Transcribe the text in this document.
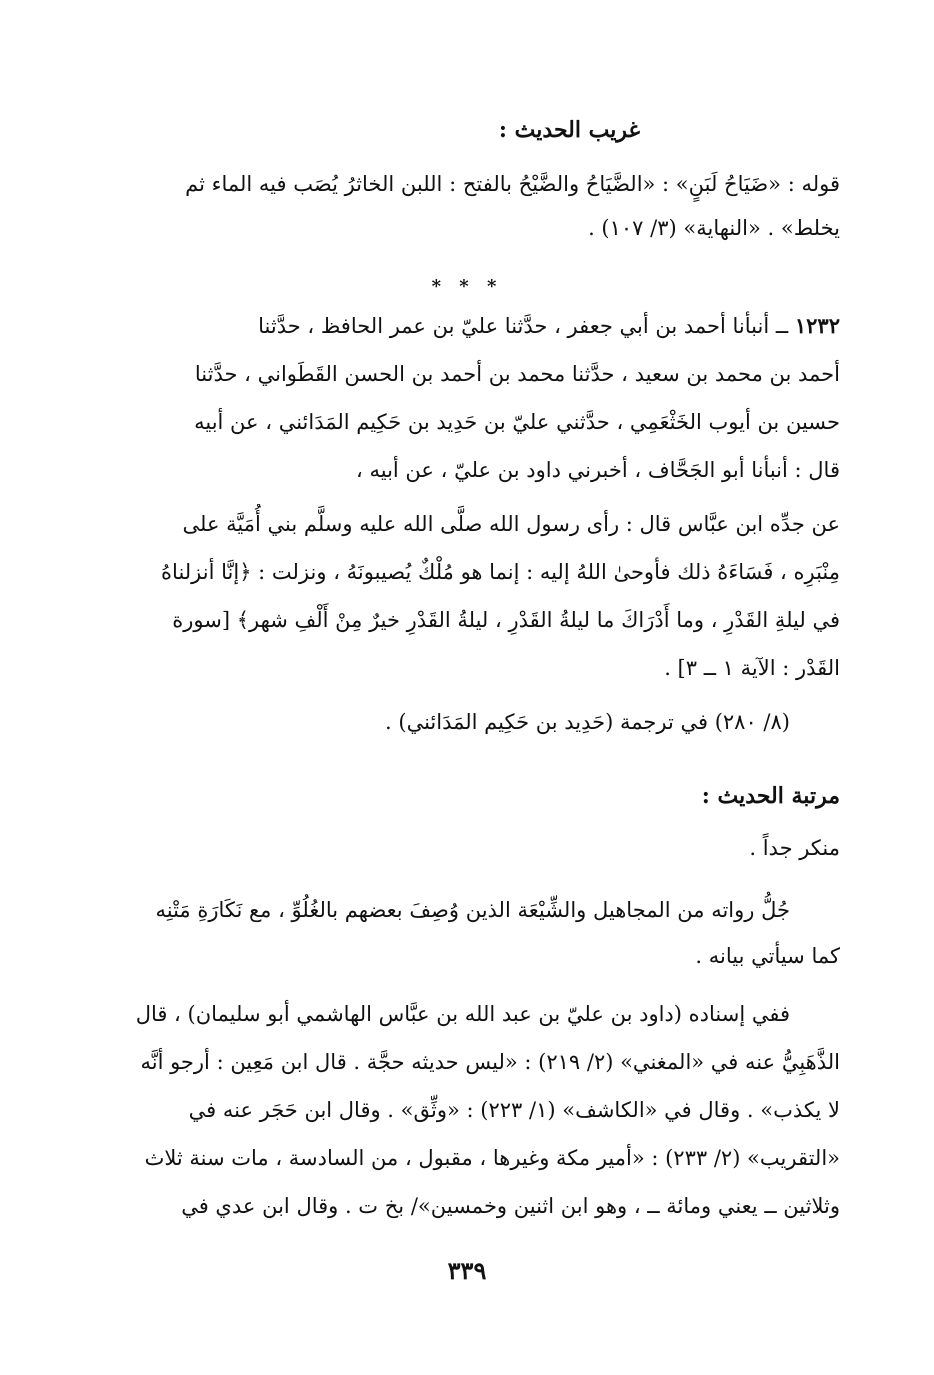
غريب الحديث :
قوله : «ضَيَاحُ لَبَنٍ» : «الضَّيَاحُ والضَّيْحُ بالفتح : اللبن الخاثرُ يُصَب فيه الماء ثم
يخلط» . «النهاية» (٣/ ١٠٧) .
* * *
١٢٣٢ ــ أنبأنا أحمد بن أبي جعفر ، حدَّثنا عليّ بن عمر الحافظ ، حدَّثنا
أحمد بن محمد بن سعيد ، حدَّثنا محمد بن أحمد بن الحسن القَطَواني ، حدَّثنا
حسين بن أيوب الخَثْعَمِي ، حدَّثني عليّ بن حَدِيد بن حَكِيم المَدَائني ، عن أبيه
قال : أنبأنا أبو الجَحَّاف ، أخبرني داود بن عليّ ، عن أبيه ،
عن جدِّه ابن عبَّاس قال : رأى رسول الله صلَّى الله عليه وسلَّم بني أُمَيَّة على
مِنْبَرِه ، فَسَاءَهُ ذلك فأوحىٰ اللهُ إليه : إنما هو مُلْكٌ يُصيبونَهُ ، ونزلت : ﴿إنَّا أنزلناهُ
في ليلةِ القَدْرِ ، وما أَدْرَاكَ ما ليلةُ القَدْرِ ، ليلةُ القَدْرِ خيرٌ مِنْ أَلْفِ شهر﴾ [سورة
القَدْر : الآية ١ ــ ٣] .
(٨/ ٢٨٠) في ترجمة (حَدِيد بن حَكِيم المَدَائني) .
مرتبة الحديث :
منكر جداً .
جُلُّ رواته من المجاهيل والشِّيْعَة الذين وُصِفَ بعضهم بالغُلُوِّ ، مع نَكَارَةِ مَتْنِه
كما سيأتي بيانه .
ففي إسناده (داود بن عليّ بن عبد الله بن عبَّاس الهاشمي أبو سليمان) ، قال
الذَّهَبِيُّ عنه في «المغني» (٢/ ٢١٩) : «ليس حديثه حجَّة . قال ابن مَعِين : أرجو أنَّه
لا يكذب» . وقال في «الكاشف» (١/ ٢٢٣) : «وثِّق» . وقال ابن حَجَر عنه في
«التقريب» (٢/ ٢٣٣) : «أمير مكة وغيرها ، مقبول ، من السادسة ، مات سنة ثلاث
وثلاثين ــ يعني ومائة ــ ، وهو ابن اثنين وخمسين»/ بخ ت . وقال ابن عدي في
٣٣٩
